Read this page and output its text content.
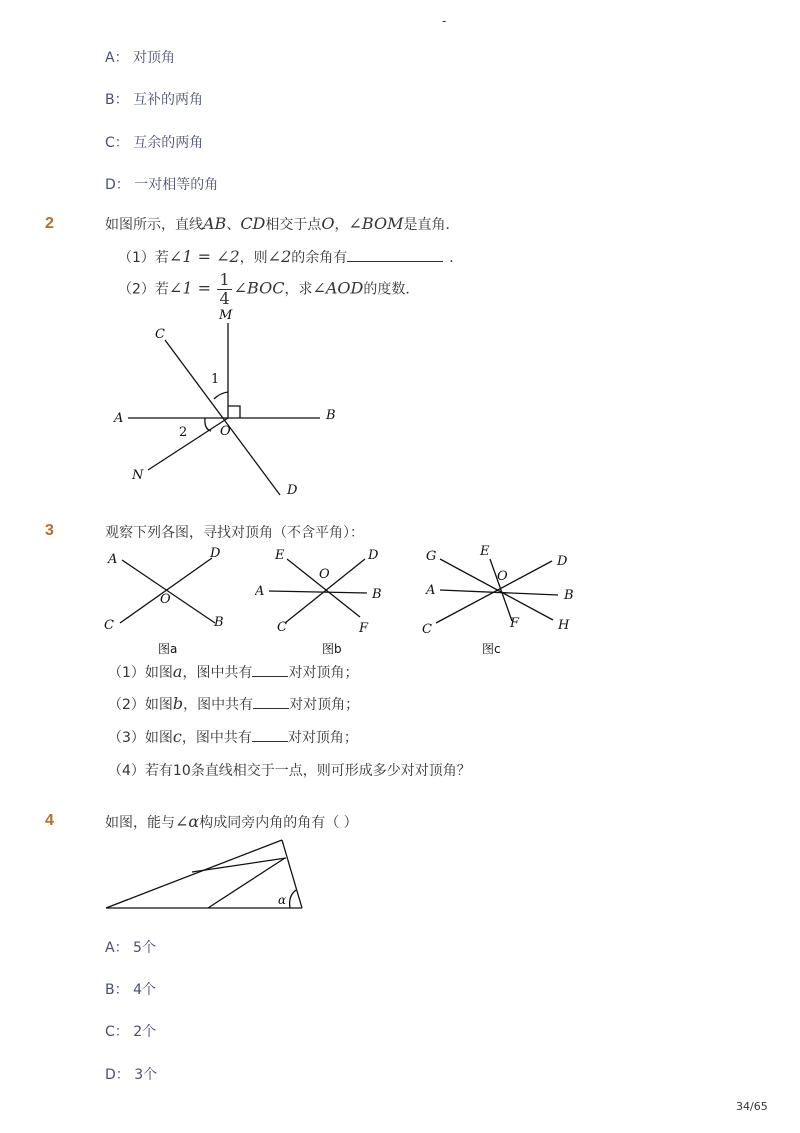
-
A： 对顶角
B： 互补的两角
C： 互余的两角
D： 一对相等的角
2	如图所示，直线AB、CD相交于点O，∠BOM是直角．
（1）若∠1 = ∠2，则∠2的余角有	．
（2）若∠1 = $\frac{1}{4}$ ∠BOC，求∠AOD的度数．
M
C
A	B
O
N
D
1
2
3	观察下列各图，寻找对顶角（不含平角）：
A	D
O
C	B
图a
E	D
O
A	B
C	F
图b
G	E
D
O
A	B
C	F	H
图c
（1）如图a，图中共有	对对顶角；
（2）如图b，图中共有	对对顶角；
（3）如图c，图中共有	对对顶角；
（4）若有10条直线相交于一点，则可形成多少对对顶角？
4	如图，能与∠α构成同旁内角的角有（ ）
α
A： 5个
B： 4个
C： 2个
D： 3个
34/65
